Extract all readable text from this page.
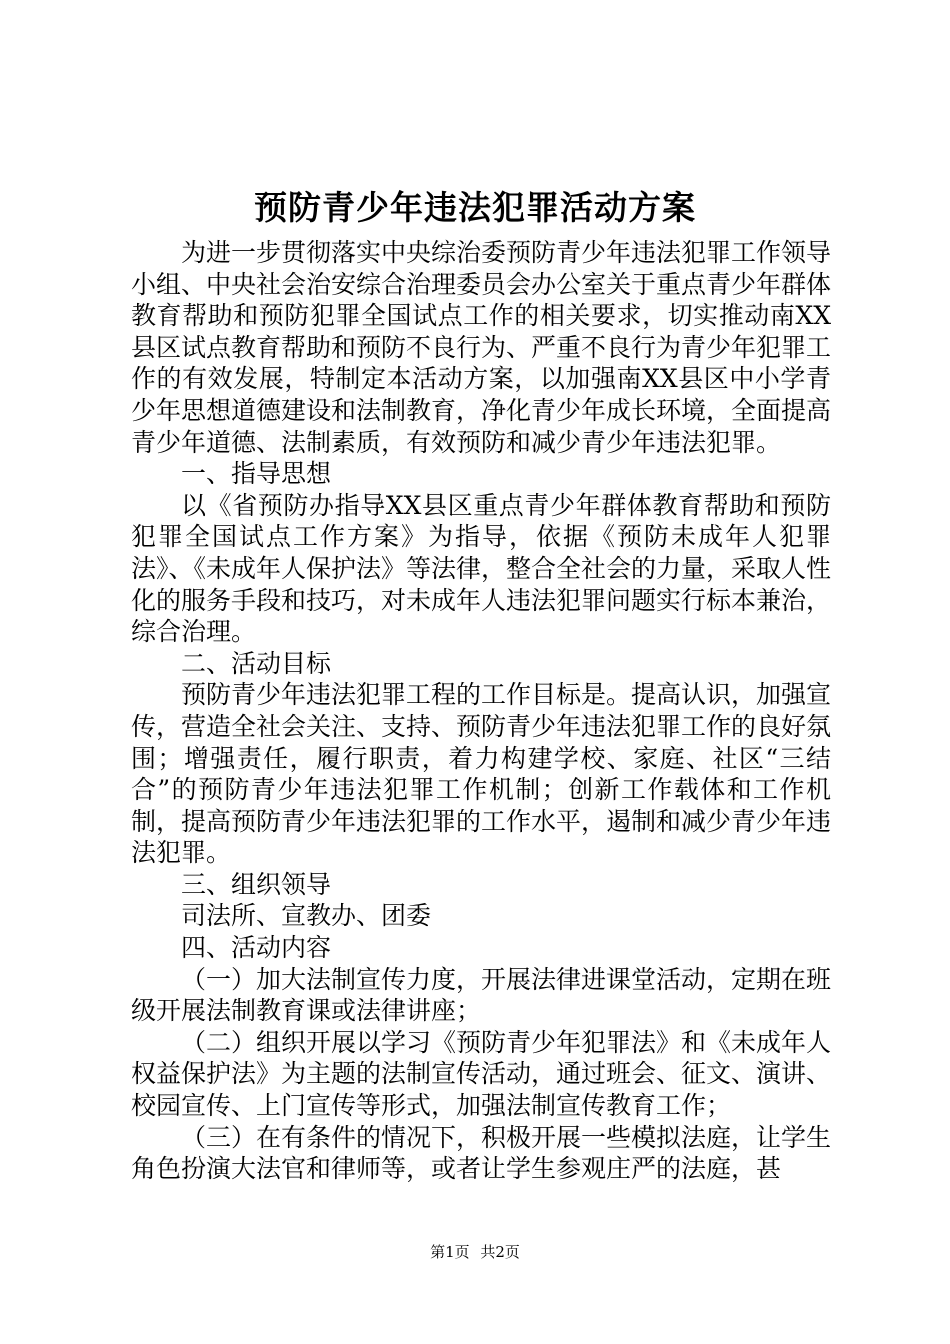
预防青少年违法犯罪活动方案

为进一步贯彻落实中央综治委预防青少年违法犯罪工作领导小组、中央社会治安综合治理委员会办公室关于重点青少年群体教育帮助和预防犯罪全国试点工作的相关要求，切实推动南XX县区试点教育帮助和预防不良行为、严重不良行为青少年犯罪工作的有效发展，特制定本活动方案，以加强南XX县区中小学青少年思想道德建设和法制教育，净化青少年成长环境，全面提高青少年道德、法制素质，有效预防和减少青少年违法犯罪。

一、指导思想

以《省预防办指导XX县区重点青少年群体教育帮助和预防犯罪全国试点工作方案》为指导，依据《预防未成年人犯罪法》、《未成年人保护法》等法律，整合全社会的力量，采取人性化的服务手段和技巧，对未成年人违法犯罪问题实行标本兼治，综合治理。

二、活动目标

预防青少年违法犯罪工程的工作目标是。提高认识，加强宣传，营造全社会关注、支持、预防青少年违法犯罪工作的良好氛围；增强责任，履行职责，着力构建学校、家庭、社区“三结合”的预防青少年违法犯罪工作机制；创新工作载体和工作机制，提高预防青少年违法犯罪的工作水平，遏制和减少青少年违法犯罪。

三、组织领导

司法所、宣教办、团委

四、活动内容

（一）加大法制宣传力度，开展法律进课堂活动，定期在班级开展法制教育课或法律讲座；

（二）组织开展以学习《预防青少年犯罪法》和《未成年人权益保护法》为主题的法制宣传活动，通过班会、征文、演讲、校园宣传、上门宣传等形式，加强法制宣传教育工作；

（三）在有条件的情况下，积极开展一些模拟法庭，让学生角色扮演大法官和律师等，或者让学生参观庄严的法庭，甚

第1页 共2页
